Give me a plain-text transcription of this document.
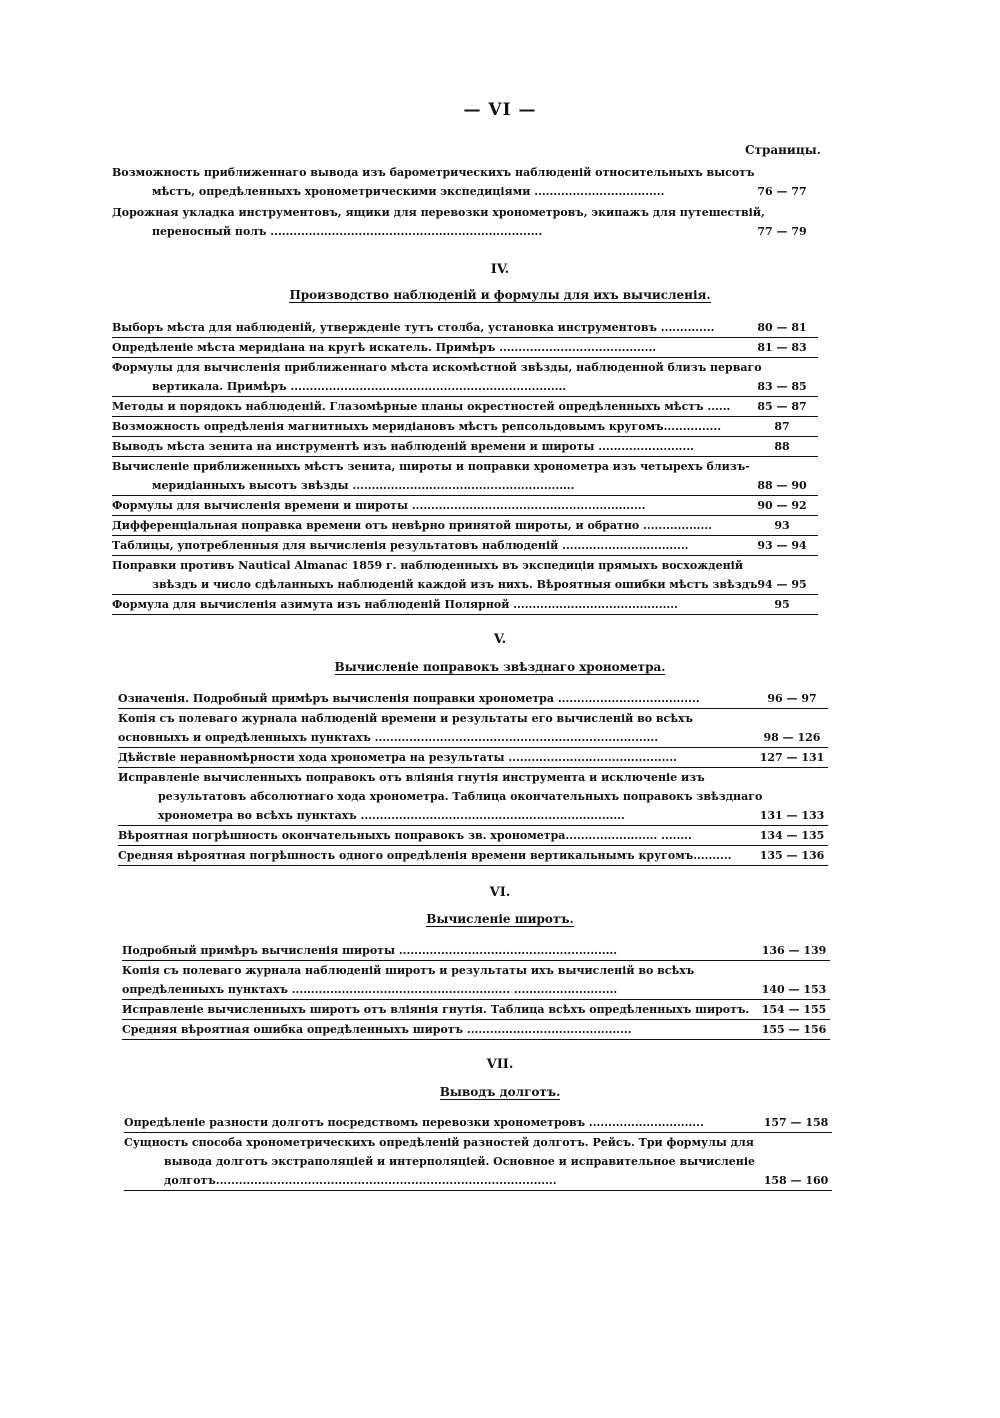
— VI —
Страницы.
Возможность приближеннаго вывода изъ барометрическихъ наблюденій относительныхъ высотъ мѣстъ, опредѣленныхъ хронометрическими экспедиціями ..................................	76 — 77
Дорожная укладка инструментовъ, ящики для перевозки хронометровъ, экипажъ для путешествій, переносный полъ .......................................................................	77 — 79
IV.
Производство наблюденій и формулы для ихъ вычисленія.
Выборъ мѣста для наблюденій, утвержденіе тутъ столба, установка инструментовъ ..............	80 — 81
Опредѣленіе мѣста меридіана на кругѣ искатель. Примѣръ .........................................	81 — 83
Формулы для вычисленія приближеннаго мѣста искомѣстной звѣзды, наблюденной близъ перваго вертикала. Примѣръ ........................................................................	83 — 85
Методы и порядокъ наблюденій. Глазомѣрные планы окрестностей опредѣленныхъ мѣстъ ......	85 — 87
Возможность опредѣленія магнитныхъ меридіановъ мѣстъ репсольдовымъ кругомъ...............	87
Выводъ мѣста зенита на инструментѣ изъ наблюденій времени и широты .........................	88
Вычисленіе приближенныхъ мѣстъ зенита, широты и поправки хронометра изъ четырехъ близъ-меридіанныхъ высотъ звѣзды ..........................................................	88 — 90
Формулы для вычисленія времени и широты .............................................................	90 — 92
Дифференціальная поправка времени отъ невѣрно принятой широты, и обратно ..................	93
Таблицы, употребленныя для вычисленія результатовъ наблюденій .................................	93 — 94
Поправки противъ Nautical Almanac 1859 г. наблюденныхъ въ экспедиціи прямыхъ восхожденій звѣздъ и число сдѣланныхъ наблюденій каждой изъ нихъ. Вѣроятныя ошибки мѣстъ звѣздъ 94 — 95
Формула для вычисленія азимута изъ наблюденій Полярной ...........................................	95
V.
Вычисленіе поправокъ звѣзднаго хронометра.
Означенія. Подробный примѣръ вычисленія поправки хронометра .....................................	96 — 97
Копія съ полеваго журнала наблюденій времени и результаты его вычисленій во всѣхъ основныхъ и опредѣленныхъ пунктахъ ..........................................................................	98 — 126
Дѣйствіе неравномѣрности хода хронометра на результаты ............................................	127 — 131
Исправленіе вычисленныхъ поправокъ отъ вліянія гнутія инструмента и исключеніе изъ результатовъ абсолютнаго хода хронометра. Таблица окончательныхъ поправокъ звѣзднаго хронометра во всѣхъ пунктахъ .....................................................................	131 — 133
Вѣроятная погрѣшность окончательныхъ поправокъ зв. хронометра........................ ........	134 — 135
Средняя вѣроятная погрѣшность одного опредѣленія времени вертикальнымъ кругомъ..........	135 — 136
VI.
Вычисленіе широтъ.
Подробный примѣръ вычисленія широты .........................................................	136 — 139
Копія съ полеваго журнала наблюденій широтъ и результаты ихъ вычисленій во всѣхъ опредѣленныхъ пунктахъ ......................................................... ...........................	140 — 153
Исправленіе вычисленныхъ широтъ отъ вліянія гнутія. Таблица всѣхъ опредѣленныхъ широтъ.	154 — 155
Средняя вѣроятная ошибка опредѣленныхъ широтъ ...........................................	155 — 156
VII.
Выводъ долготъ.
Опредѣленіе разности долготъ посредствомъ перевозки хронометровъ ..............................	157 — 158
Сущность способа хронометрическихъ опредѣленій разностей долготъ. Рейсъ. Три формулы для вывода долготъ экстраполяціей и интерполяціей. Основное и исправительное вычисленіе долготъ.........................................................................................	158 — 160
